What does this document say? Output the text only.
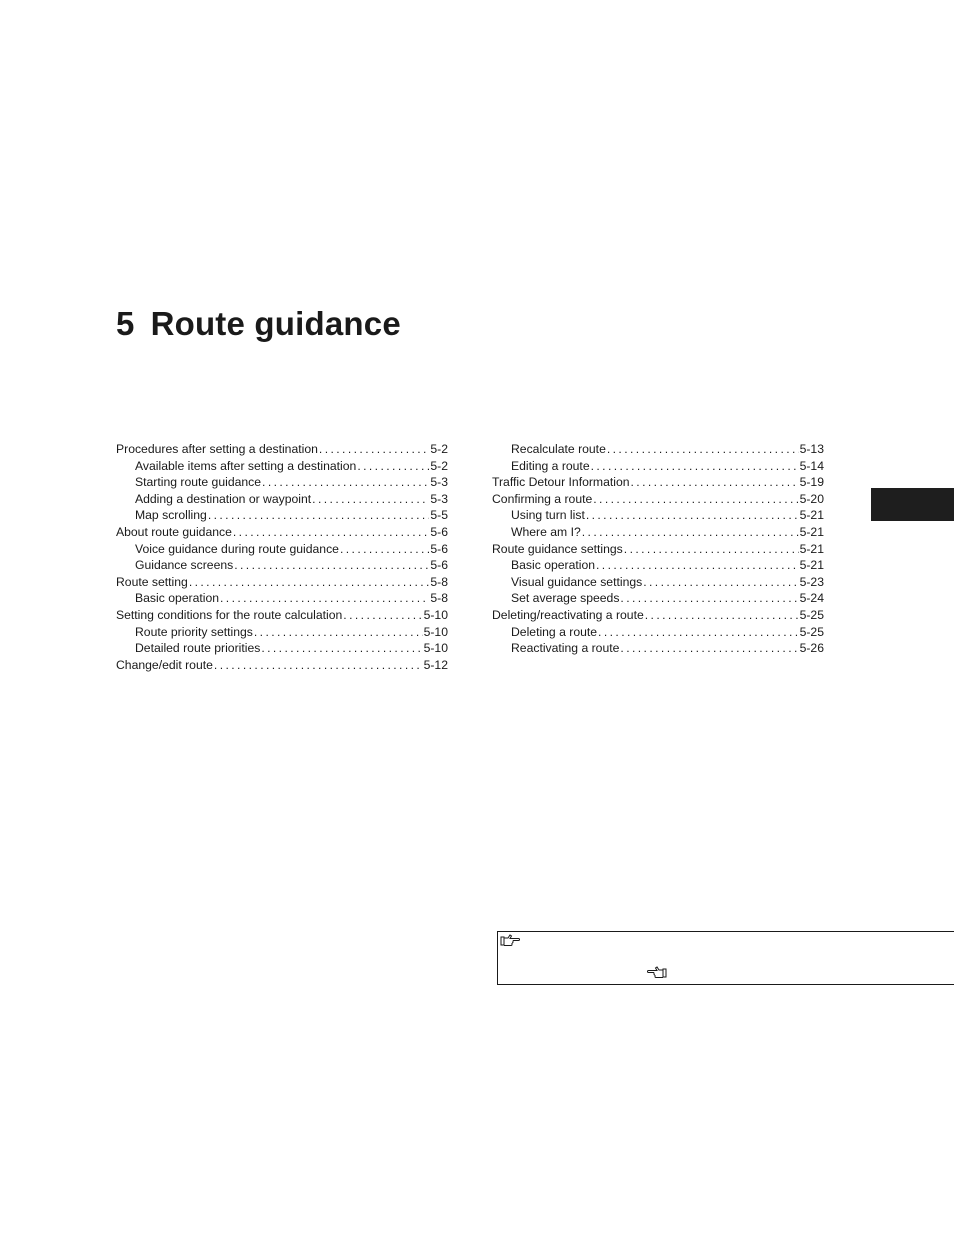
5 Route guidance
Procedures after setting a destination .....	5-2
Available items after setting a destination .....	5-2
Starting route guidance .....	5-3
Adding a destination or waypoint .....	5-3
Map scrolling .....	5-5
About route guidance .....	5-6
Voice guidance during route guidance .....	5-6
Guidance screens .....	5-6
Route setting .....	5-8
Basic operation .....	5-8
Setting conditions for the route calculation .....	5-10
Route priority settings .....	5-10
Detailed route priorities .....	5-10
Change/edit route .....	5-12
Recalculate route .....	5-13
Editing a route .....	5-14
Traffic Detour Information .....	5-19
Confirming a route .....	5-20
Using turn list .....	5-21
Where am I? .....	5-21
Route guidance settings .....	5-21
Basic operation .....	5-21
Visual guidance settings .....	5-23
Set average speeds .....	5-24
Deleting/reactivating a route .....	5-25
Deleting a route .....	5-25
Reactivating a route .....	5-26
